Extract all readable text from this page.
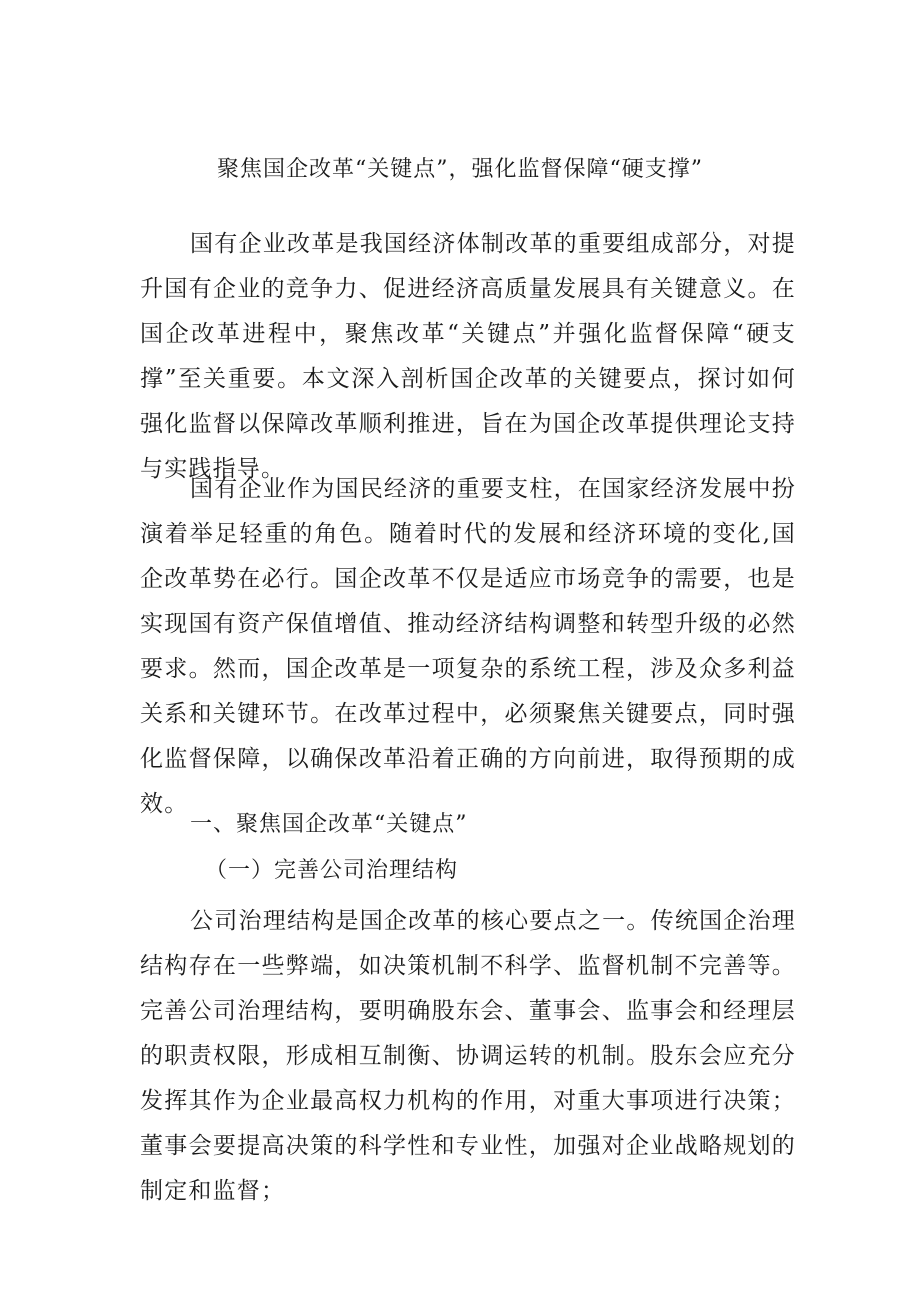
聚焦国企改革“关键点”，强化监督保障“硬支撑”

国有企业改革是我国经济体制改革的重要组成部分，对提升国有企业的竞争力、促进经济高质量发展具有关键意义。在国企改革进程中，聚焦改革“关键点”并强化监督保障“硬支撑”至关重要。本文深入剖析国企改革的关键要点，探讨如何强化监督以保障改革顺利推进，旨在为国企改革提供理论支持与实践指导。

国有企业作为国民经济的重要支柱，在国家经济发展中扮演着举足轻重的角色。随着时代的发展和经济环境的变化,国企改革势在必行。国企改革不仅是适应市场竞争的需要，也是实现国有资产保值增值、推动经济结构调整和转型升级的必然要求。然而，国企改革是一项复杂的系统工程，涉及众多利益关系和关键环节。在改革过程中，必须聚焦关键要点，同时强化监督保障，以确保改革沿着正确的方向前进，取得预期的成效。

一、聚焦国企改革“关键点”
（一）完善公司治理结构

公司治理结构是国企改革的核心要点之一。传统国企治理结构存在一些弊端，如决策机制不科学、监督机制不完善等。完善公司治理结构，要明确股东会、董事会、监事会和经理层的职责权限，形成相互制衡、协调运转的机制。股东会应充分发挥其作为企业最高权力机构的作用，对重大事项进行决策；董事会要提高决策的科学性和专业性，加强对企业战略规划的制定和监督；
